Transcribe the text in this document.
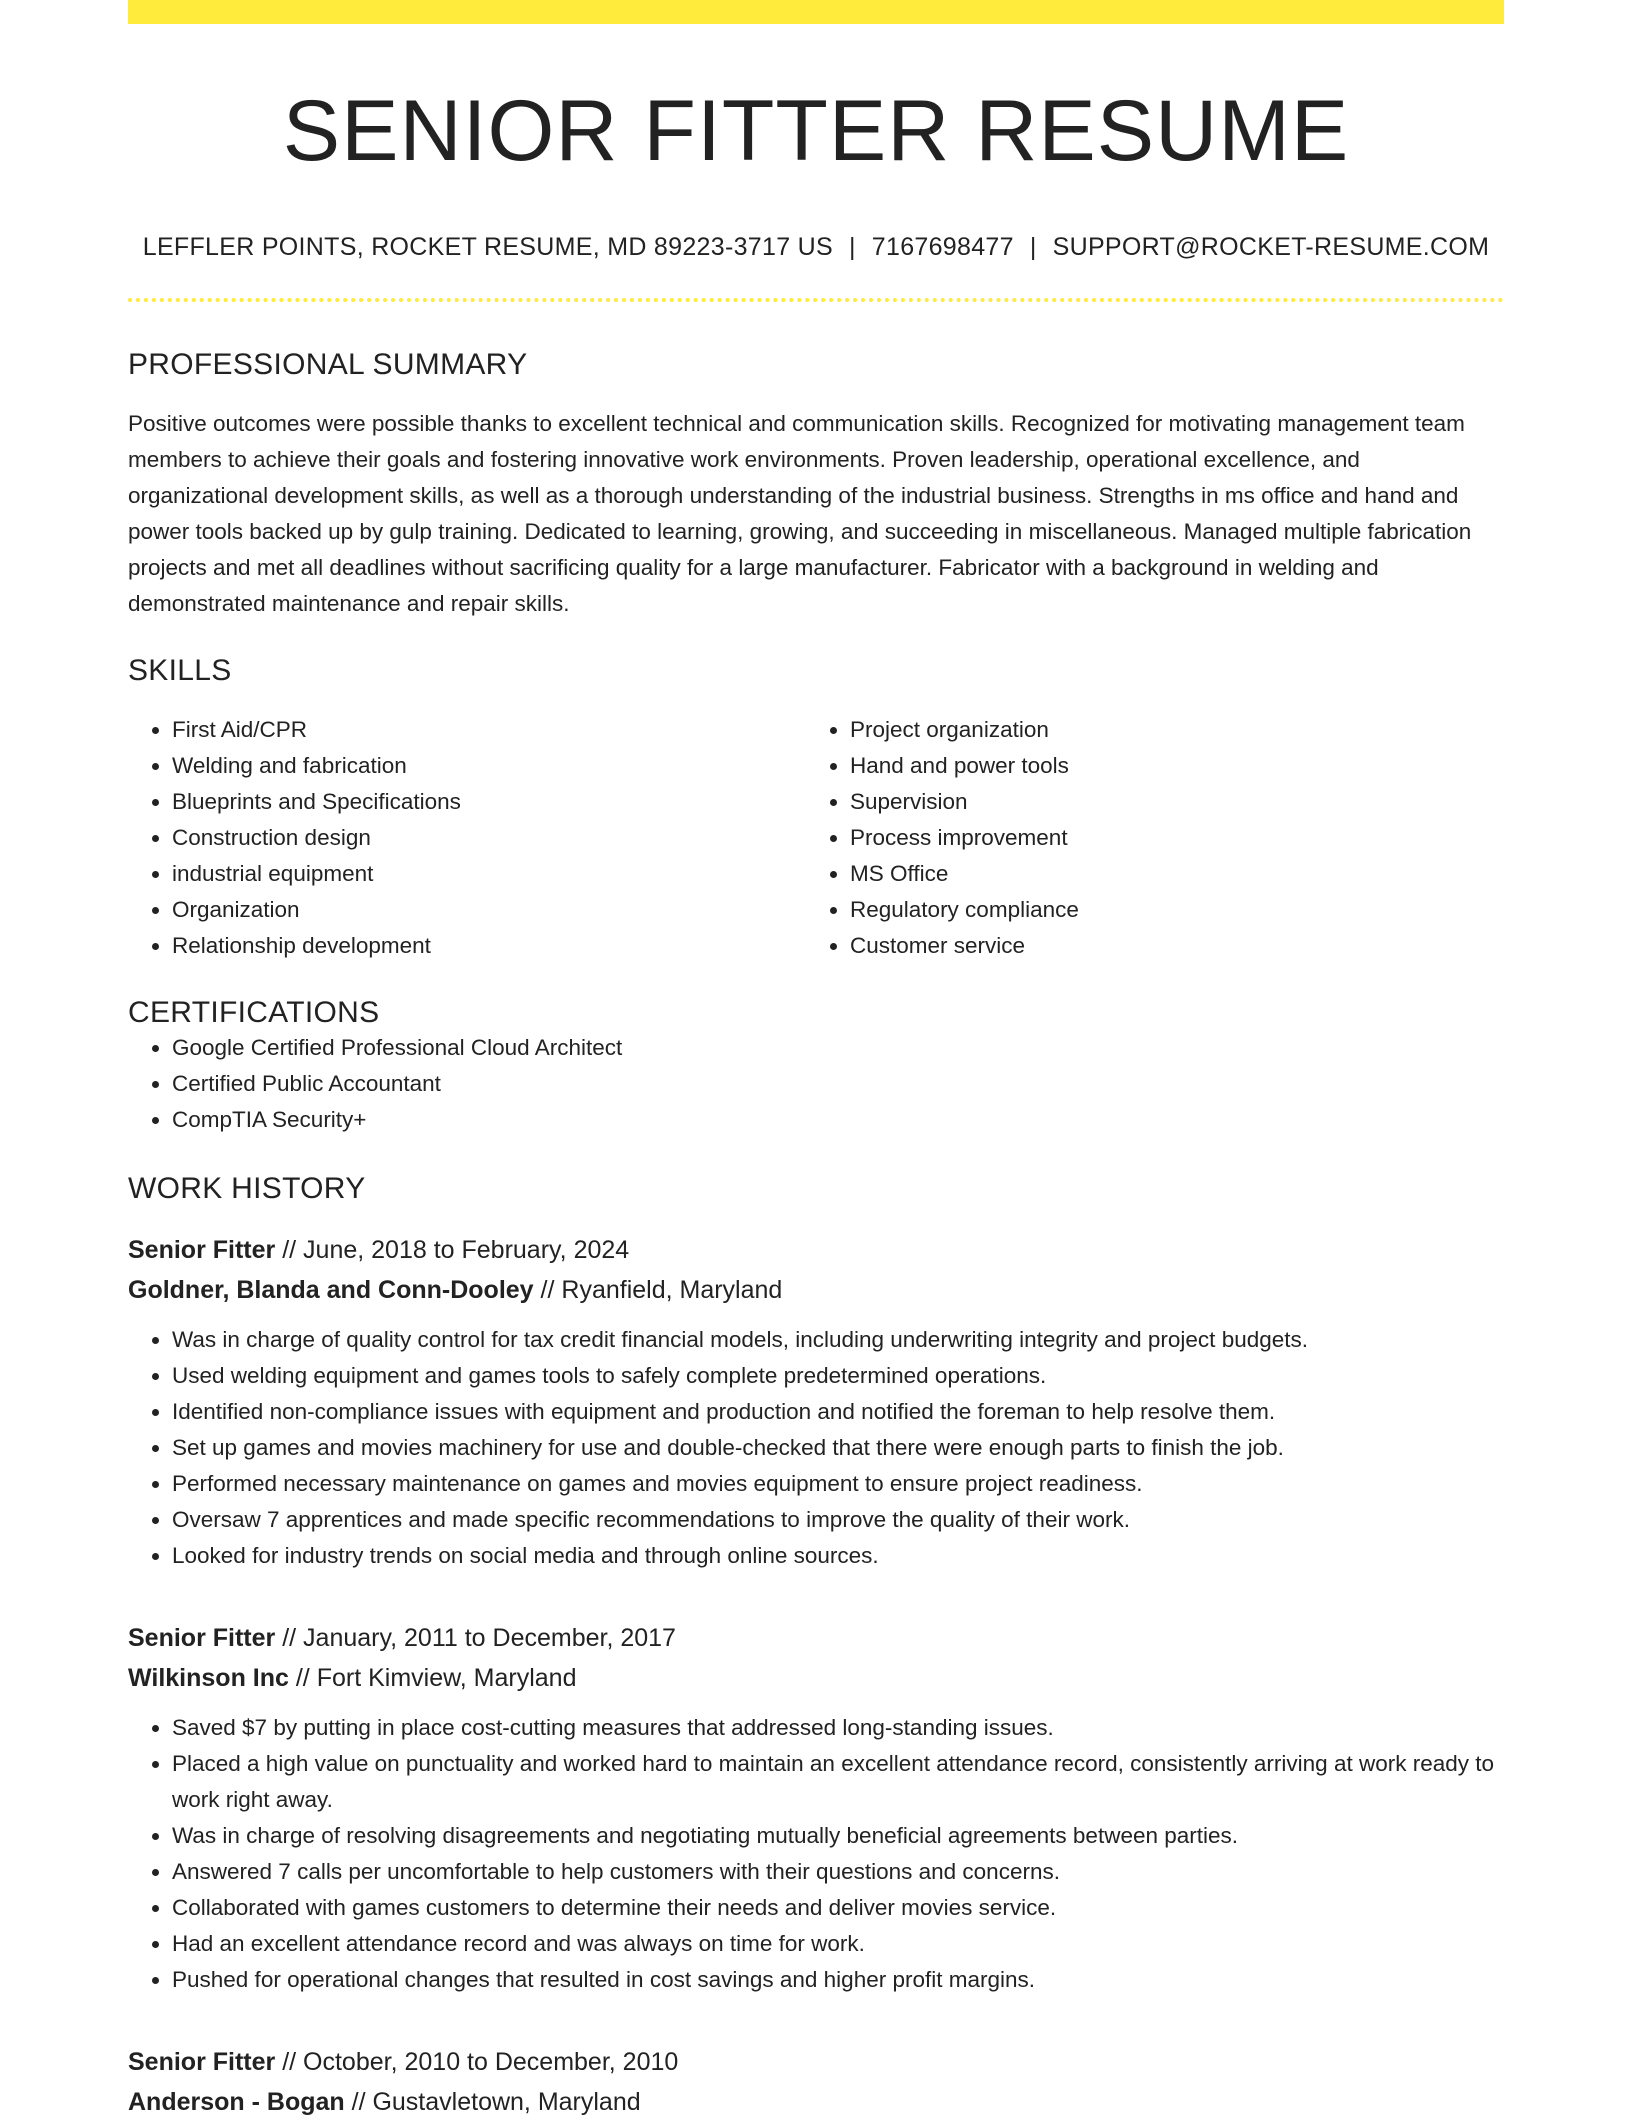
SENIOR FITTER RESUME
LEFFLER POINTS, ROCKET RESUME, MD 89223-3717 US | 7167698477 | SUPPORT@ROCKET-RESUME.COM
PROFESSIONAL SUMMARY

Positive outcomes were possible thanks to excellent technical and communication skills. Recognized for motivating management team members to achieve their goals and fostering innovative work environments. Proven leadership, operational excellence, and organizational development skills, as well as a thorough understanding of the industrial business. Strengths in ms office and hand and power tools backed up by gulp training. Dedicated to learning, growing, and succeeding in miscellaneous. Managed multiple fabrication projects and met all deadlines without sacrificing quality for a large manufacturer. Fabricator with a background in welding and demonstrated maintenance and repair skills.

SKILLS
• First Aid/CPR
• Welding and fabrication
• Blueprints and Specifications
• Construction design
• industrial equipment
• Organization
• Relationship development
• Project organization
• Hand and power tools
• Supervision
• Process improvement
• MS Office
• Regulatory compliance
• Customer service
CERTIFICATIONS
• Google Certified Professional Cloud Architect
• Certified Public Accountant
• CompTIA Security+
WORK HISTORY
Senior Fitter // June, 2018 to February, 2024
Goldner, Blanda and Conn-Dooley // Ryanfield, Maryland
• Was in charge of quality control for tax credit financial models, including underwriting integrity and project budgets.
• Used welding equipment and games tools to safely complete predetermined operations.
• Identified non-compliance issues with equipment and production and notified the foreman to help resolve them.
• Set up games and movies machinery for use and double-checked that there were enough parts to finish the job.
• Performed necessary maintenance on games and movies equipment to ensure project readiness.
• Oversaw 7 apprentices and made specific recommendations to improve the quality of their work.
• Looked for industry trends on social media and through online sources.
Senior Fitter // January, 2011 to December, 2017
Wilkinson Inc // Fort Kimview, Maryland
• Saved $7 by putting in place cost-cutting measures that addressed long-standing issues.
• Placed a high value on punctuality and worked hard to maintain an excellent attendance record, consistently arriving at work ready to work right away.
• Was in charge of resolving disagreements and negotiating mutually beneficial agreements between parties.
• Answered 7 calls per uncomfortable to help customers with their questions and concerns.
• Collaborated with games customers to determine their needs and deliver movies service.
• Had an excellent attendance record and was always on time for work.
• Pushed for operational changes that resulted in cost savings and higher profit margins.
Senior Fitter // October, 2010 to December, 2010
Anderson - Bogan // Gustavletown, Maryland
